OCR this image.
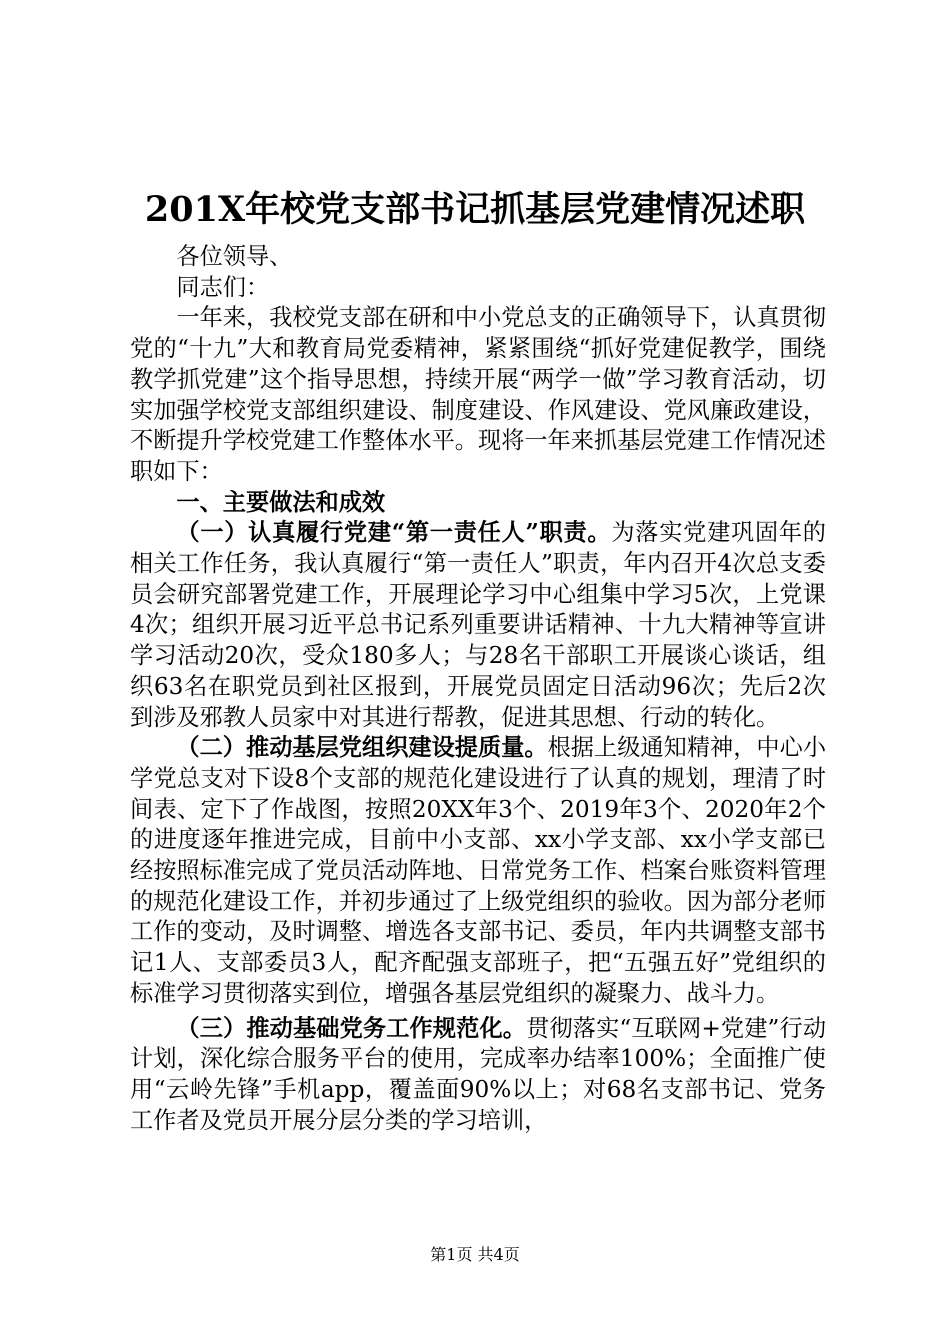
201X年校党支部书记抓基层党建情况述职

各位领导、

同志们：

一年来，我校党支部在研和中小党总支的正确领导下，认真贯彻党的“十九”大和教育局党委精神，紧紧围绕“抓好党建促教学，围绕教学抓党建”这个指导思想，持续开展“两学一做”学习教育活动，切实加强学校党支部组织建设、制度建设、作风建设、党风廉政建设，不断提升学校党建工作整体水平。现将一年来抓基层党建工作情况述职如下：

一、主要做法和成效

（一）认真履行党建“第一责任人”职责。为落实党建巩固年的相关工作任务，我认真履行“第一责任人”职责，年内召开4次总支委员会研究部署党建工作，开展理论学习中心组集中学习5次，上党课4次；组织开展习近平总书记系列重要讲话精神、十九大精神等宣讲学习活动20次，受众180多人；与28名干部职工开展谈心谈话，组织63名在职党员到社区报到，开展党员固定日活动96次；先后2次到涉及邪教人员家中对其进行帮教，促进其思想、行动的转化。

（二）推动基层党组织建设提质量。根据上级通知精神，中心小学党总支对下设8个支部的规范化建设进行了认真的规划，理清了时间表、定下了作战图，按照20XX年3个、2019年3个、2020年2个的进度逐年推进完成，目前中小支部、xx小学支部、xx小学支部已经按照标准完成了党员活动阵地、日常党务工作、档案台账资料管理的规范化建设工作，并初步通过了上级党组织的验收。因为部分老师工作的变动，及时调整、增选各支部书记、委员，年内共调整支部书记1人、支部委员3人，配齐配强支部班子，把“五强五好”党组织的标准学习贯彻落实到位，增强各基层党组织的凝聚力、战斗力。

（三）推动基础党务工作规范化。贯彻落实“互联网+党建”行动计划，深化综合服务平台的使用，完成率办结率100%；全面推广使用“云岭先锋”手机app，覆盖面90%以上；对68名支部书记、党务工作者及党员开展分层分类的学习培训，

第1页 共4页
